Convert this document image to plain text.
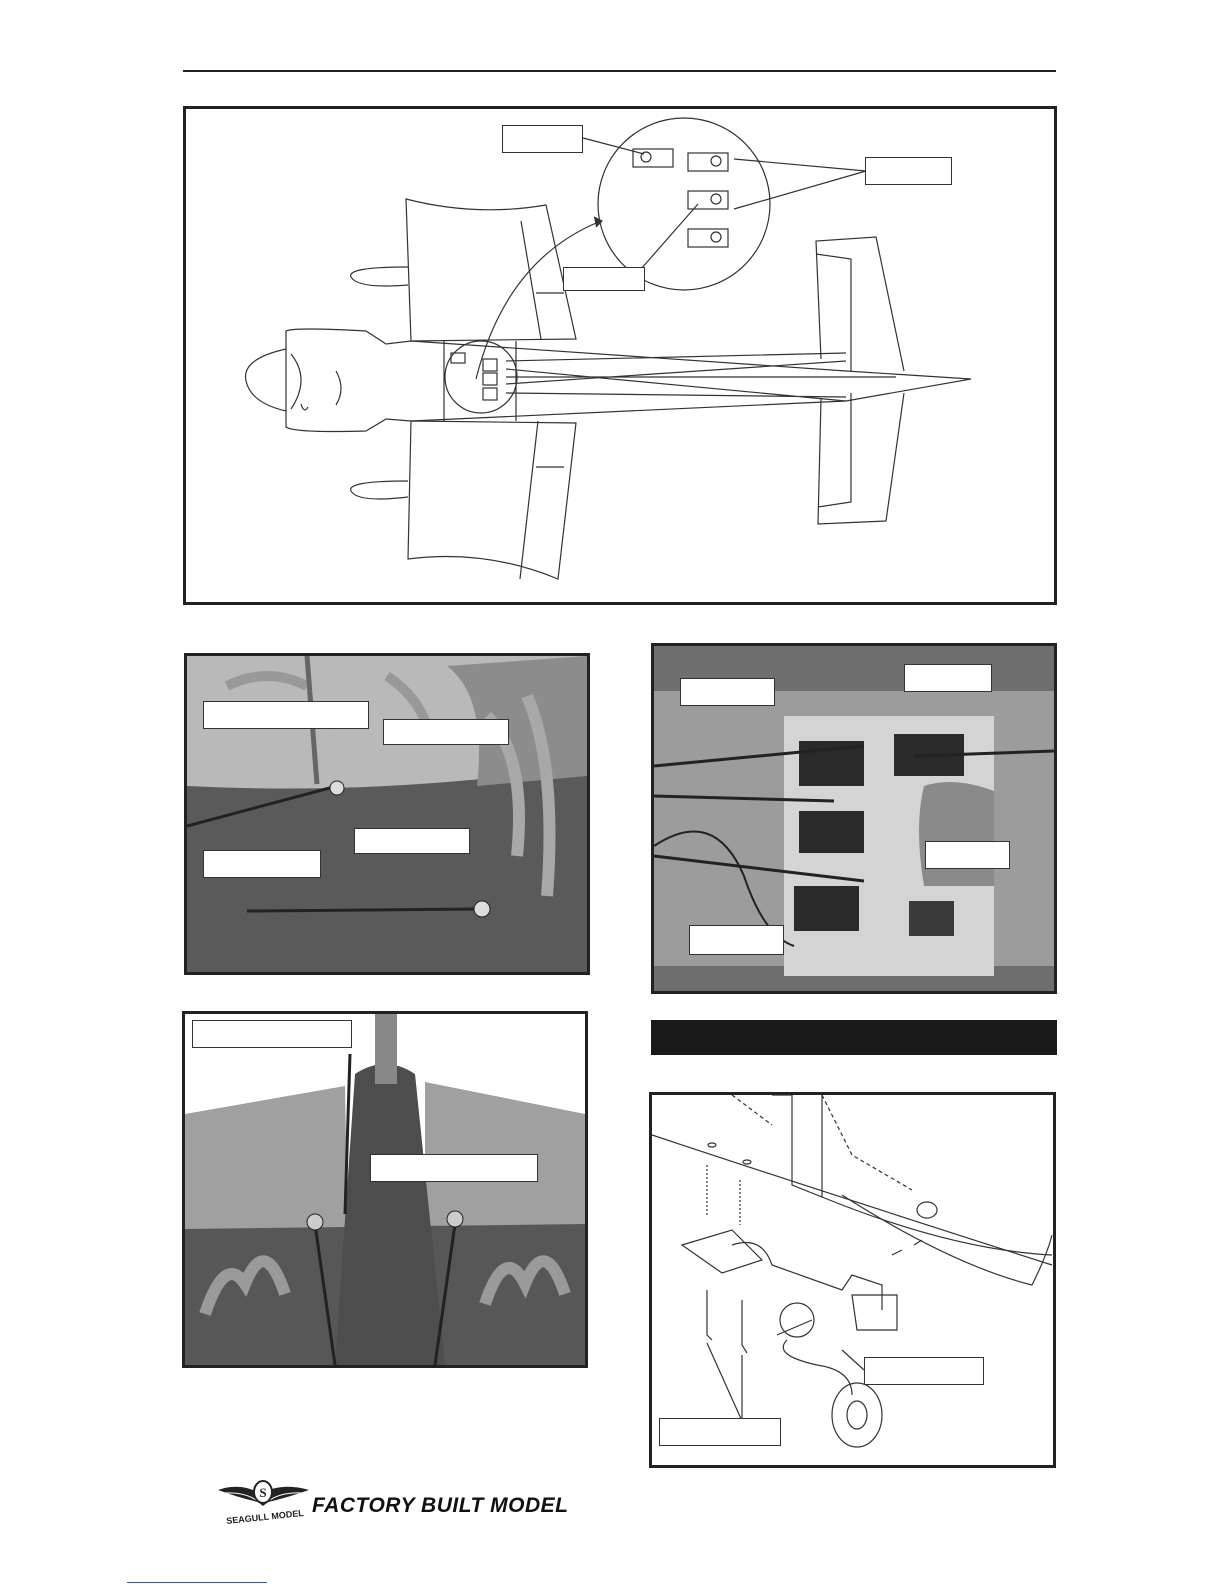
S
SEAGULL MODEL FACTORY BUILT MODEL
